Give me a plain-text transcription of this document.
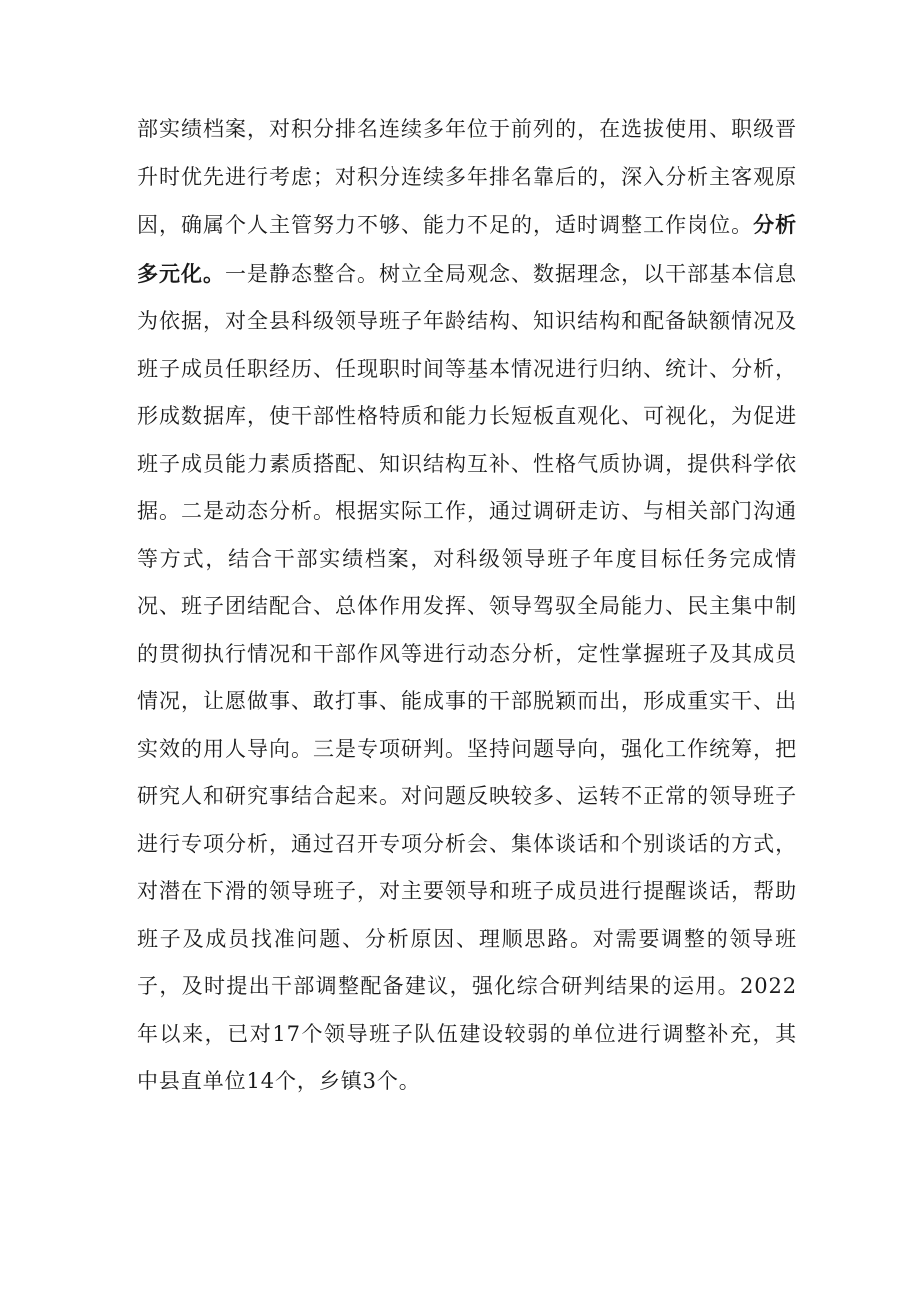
部实绩档案，对积分排名连续多年位于前列的，在选拔使用、职级晋升时优先进行考虑；对积分连续多年排名靠后的，深入分析主客观原因，确属个人主管努力不够、能力不足的，适时调整工作岗位。分析多元化。一是静态整合。树立全局观念、数据理念，以干部基本信息为依据，对全县科级领导班子年龄结构、知识结构和配备缺额情况及班子成员任职经历、任现职时间等基本情况进行归纳、统计、分析，形成数据库，使干部性格特质和能力长短板直观化、可视化，为促进班子成员能力素质搭配、知识结构互补、性格气质协调，提供科学依据。二是动态分析。根据实际工作，通过调研走访、与相关部门沟通等方式，结合干部实绩档案，对科级领导班子年度目标任务完成情况、班子团结配合、总体作用发挥、领导驾驭全局能力、民主集中制的贯彻执行情况和干部作风等进行动态分析，定性掌握班子及其成员情况，让愿做事、敢打事、能成事的干部脱颖而出，形成重实干、出实效的用人导向。三是专项研判。坚持问题导向，强化工作统筹，把研究人和研究事结合起来。对问题反映较多、运转不正常的领导班子进行专项分析，通过召开专项分析会、集体谈话和个别谈话的方式，对潜在下滑的领导班子，对主要领导和班子成员进行提醒谈话，帮助班子及成员找准问题、分析原因、理顺思路。对需要调整的领导班子，及时提出干部调整配备建议，强化综合研判结果的运用。2022年以来，已对17个领导班子队伍建设较弱的单位进行调整补充，其中县直单位14个，乡镇3个。
